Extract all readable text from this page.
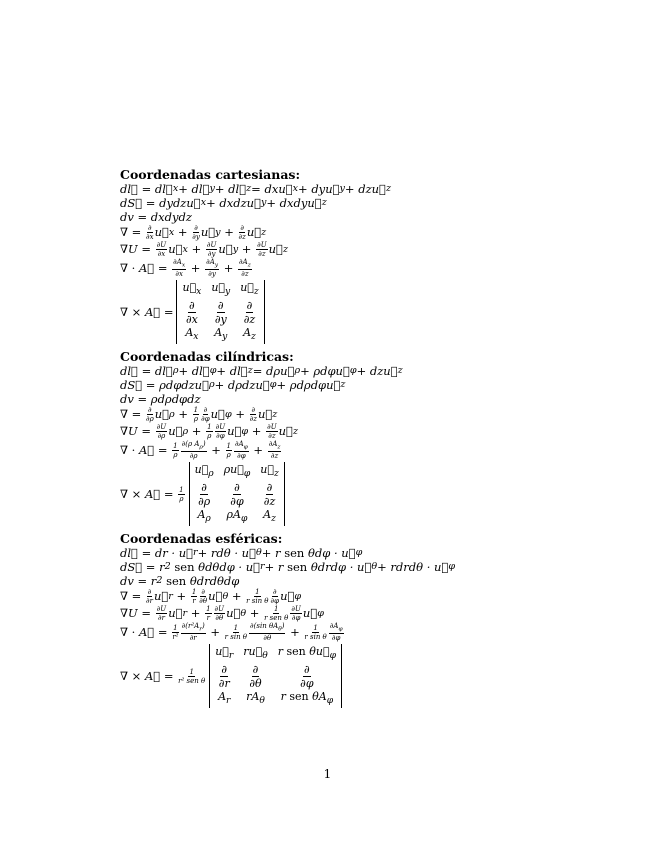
Coordenadas cartesianas:
dl⃗ = dl⃗ x + dl⃗ y + dl⃗ z = dx u⃗ x + dy u⃗ y + dz u⃗ z
dS⃗ = dydz u⃗ x + dxdz u⃗ y + dxdy u⃗ z
dv = dxdydz
∇ = ∂
∂x u⃗ x + ∂
∂y u⃗ y + ∂
∂z u⃗ z
∇ U = ∂U
∂x u⃗ x + ∂U
∂y u⃗ y + ∂U
∂z u⃗ z
∇ · A⃗ = $\partial A_x$
$\partial x + \partial A_y$
$\partial y + \partial A_z$
∂z
∇ × A⃗ =
$u⃗_x$ $u⃗_y$ $u⃗_z$
∂
∂x
∂
∂y
∂
∂z
$A_x$ $A_y$ $A_z$
Coordenadas cilíndricas:
dl⃗ = dl⃗ ρ + dl⃗ φ + dl⃗ z = dρu⃗ ρ + ρdφu⃗ φ + dzu⃗ z
dS⃗ = ρdφdzu⃗ ρ + dρdzu⃗ φ + ρdρdφu⃗ z
dv = ρdρdφdz
∇ = ∂
∂ρ u⃗ ρ + 1
ρ
∂
∂φ u⃗ φ + ∂
∂z u⃗ z
∇ U = ∂U
∂ρ u⃗ ρ + 1
ρ
∂U
∂φ u⃗ φ + ∂U
∂z u⃗ z
∇ · A⃗ = 1
ρ
∂(ρ $A_\rho$)
∂ρ + 1
ρ
$\partial A_\varphi$
$\partial\varphi + \partial A_z$
∂z
∇ × A⃗ = $\frac{1}{\rho}$
$u⃗_\rho$ $\rho u⃗_\varphi$ $u⃗_z$
∂
∂ρ
∂
∂φ
∂
∂z
$A_\rho$ $\rho A_\varphi$ $A_z$
Coordenadas esféricas:
dl⃗ = dr · u⃗ r + rdθ · u⃗ θ + r sen θdφ · u⃗ φ
dS⃗ = r 2 sen θdθdφ · u⃗ r + r sen θdrdφ · u⃗ θ + rdrdθ · u⃗ φ
dv = r 2 sen θdrdθdφ
∇ = ∂
∂r u⃗ r + 1
r
∂
∂θ u⃗ θ + 1
r sin θ
∂
∂φ u⃗ φ
∇ U = ∂U
∂r u⃗ r + 1
r
∂U
∂θ u⃗ θ + 1
r sen θ
∂U
∂φ u⃗ φ
∇ · A⃗ = 1
r²
$\partial(r^2A_r)$
∂r + 1
r sin θ
∂(sin $\theta A_\theta$)
∂θ + 1
r sin θ
$\partial A_\varphi$
∂φ
∇ × A⃗ = 1
r² sen θ
$u⃗_r$ $ru⃗_\theta$ r sen $\theta u⃗_\varphi$
∂
∂r
∂
∂θ
∂
∂φ
$A_r$ $rA_\theta$ r sen $\theta A_\varphi$
1
